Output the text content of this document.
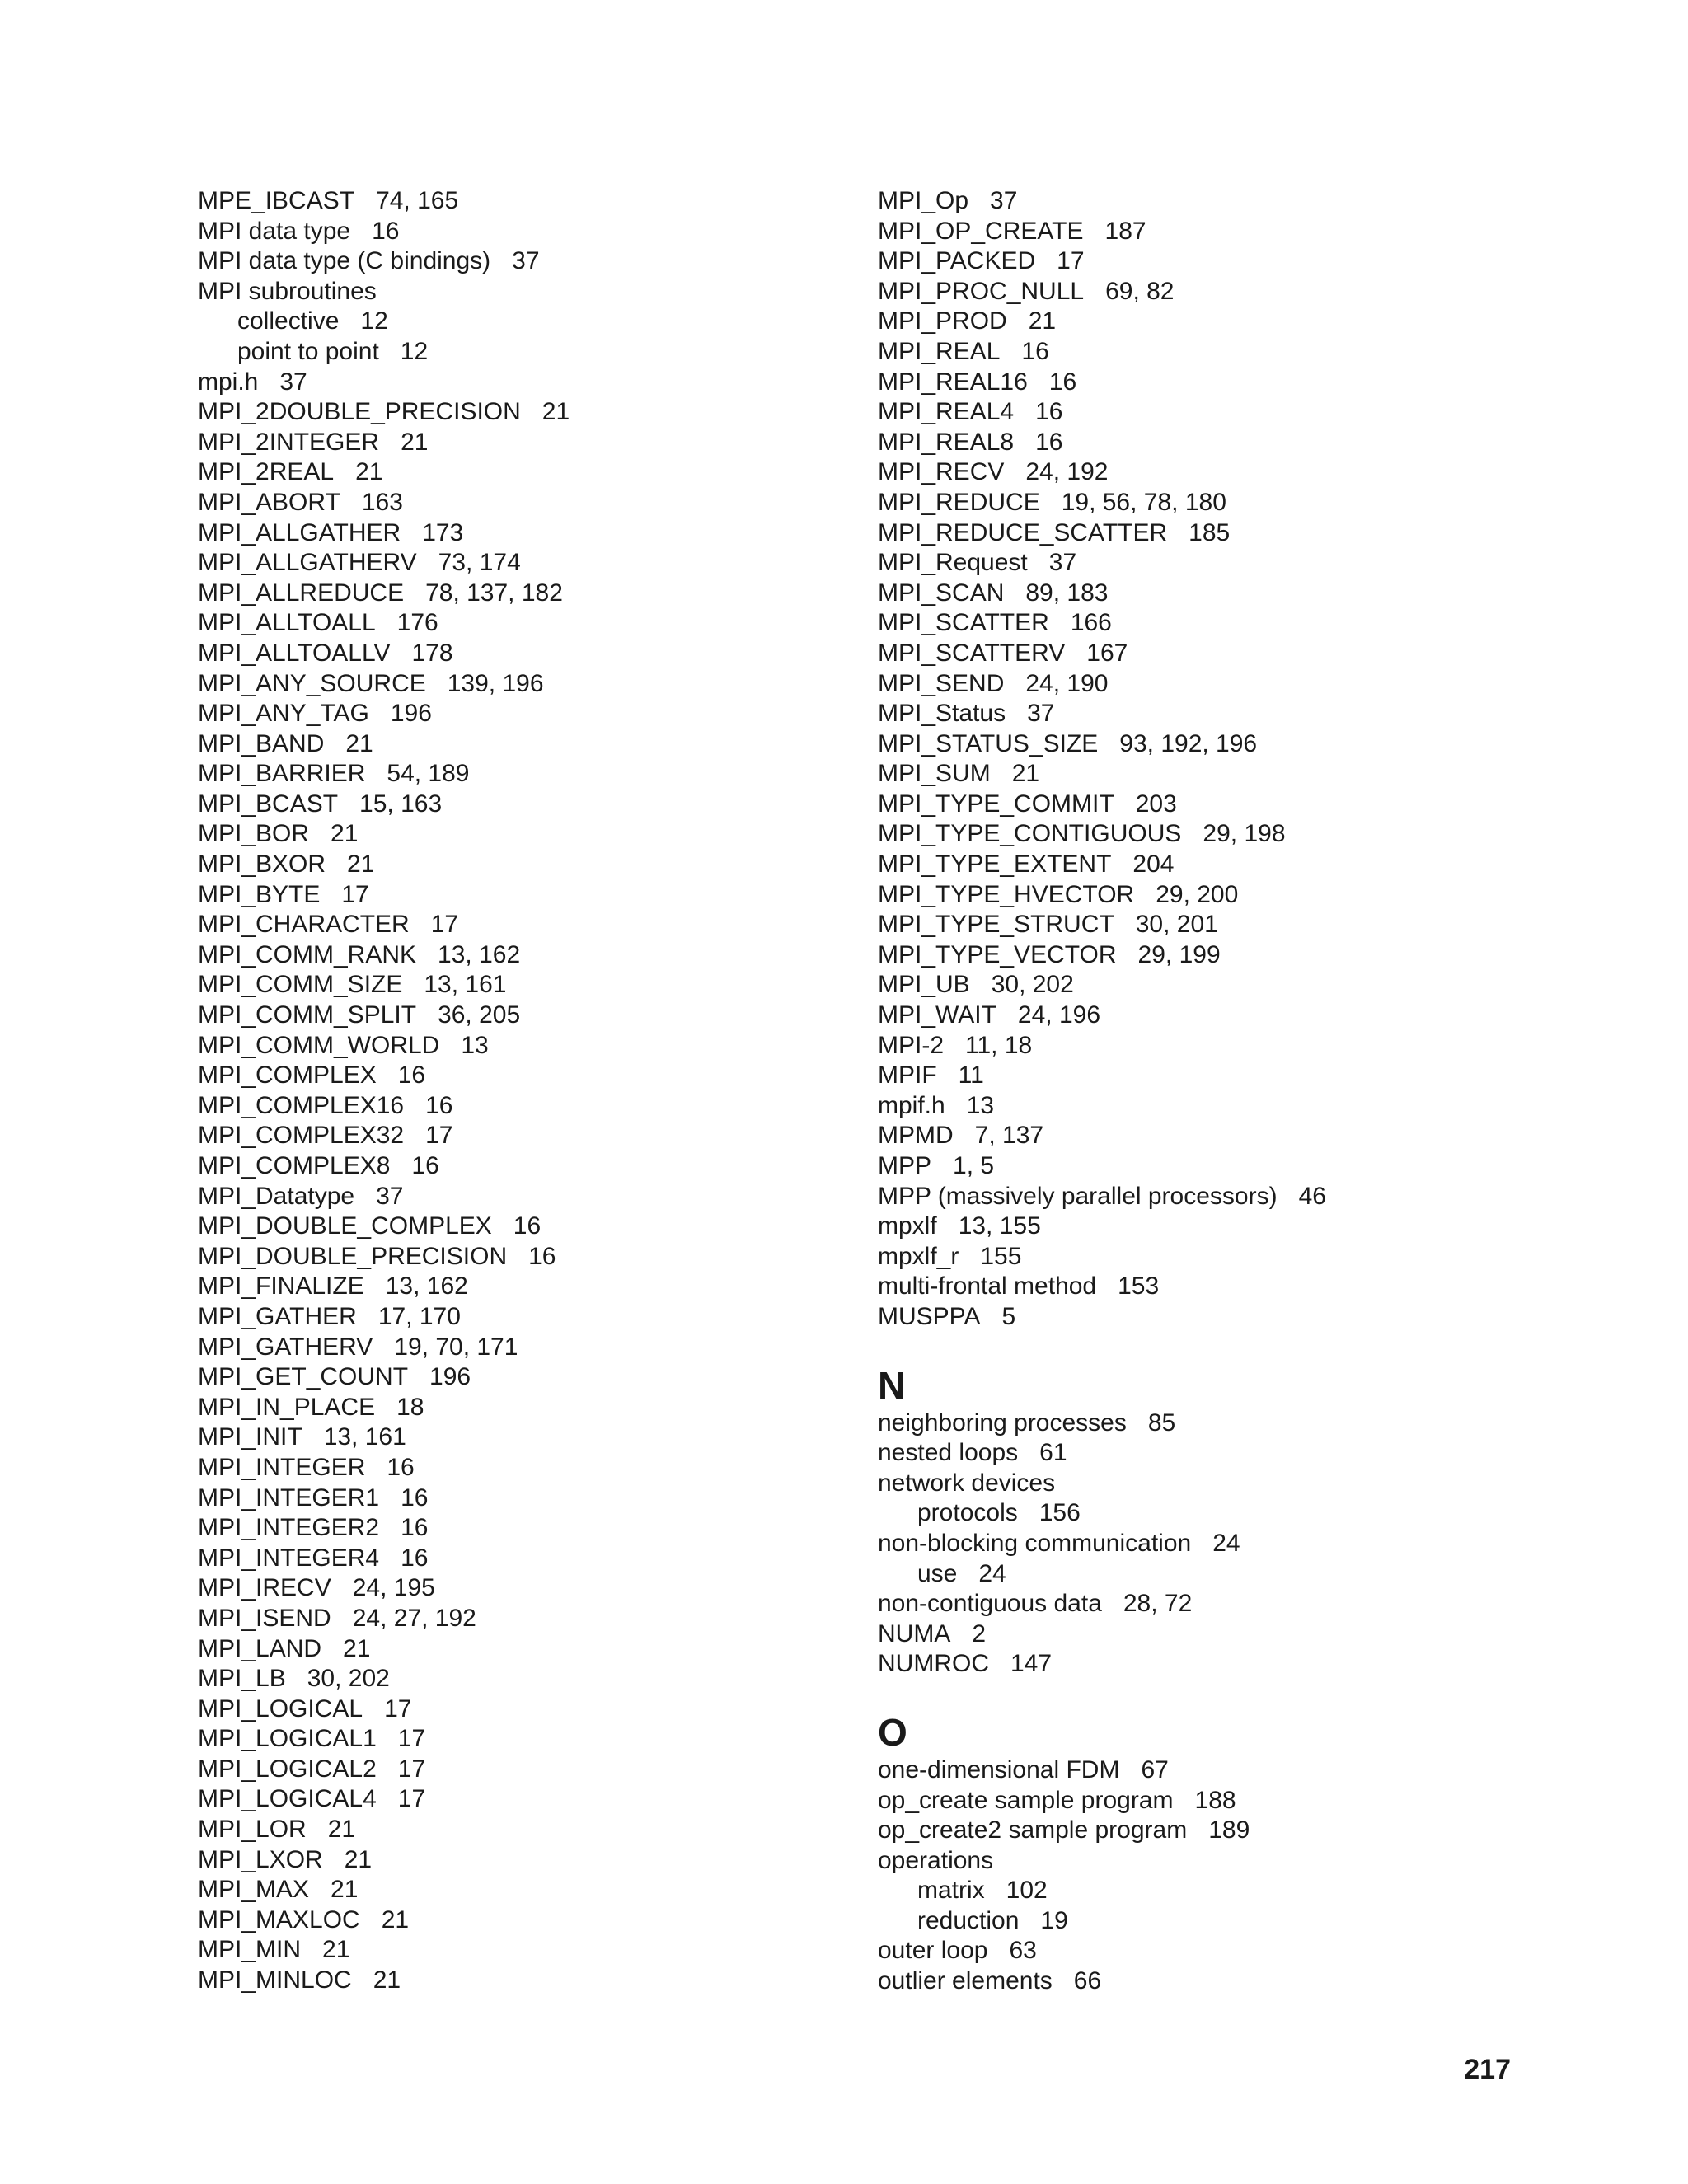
MPE_IBCAST 74, 165
MPI data type 16
MPI data type (C bindings) 37
MPI subroutines
collective 12
point to point 12
mpi.h 37
MPI_2DOUBLE_PRECISION 21
MPI_2INTEGER 21
MPI_2REAL 21
MPI_ABORT 163
MPI_ALLGATHER 173
MPI_ALLGATHERV 73, 174
MPI_ALLREDUCE 78, 137, 182
MPI_ALLTOALL 176
MPI_ALLTOALLV 178
MPI_ANY_SOURCE 139, 196
MPI_ANY_TAG 196
MPI_BAND 21
MPI_BARRIER 54, 189
MPI_BCAST 15, 163
MPI_BOR 21
MPI_BXOR 21
MPI_BYTE 17
MPI_CHARACTER 17
MPI_COMM_RANK 13, 162
MPI_COMM_SIZE 13, 161
MPI_COMM_SPLIT 36, 205
MPI_COMM_WORLD 13
MPI_COMPLEX 16
MPI_COMPLEX16 16
MPI_COMPLEX32 17
MPI_COMPLEX8 16
MPI_Datatype 37
MPI_DOUBLE_COMPLEX 16
MPI_DOUBLE_PRECISION 16
MPI_FINALIZE 13, 162
MPI_GATHER 17, 170
MPI_GATHERV 19, 70, 171
MPI_GET_COUNT 196
MPI_IN_PLACE 18
MPI_INIT 13, 161
MPI_INTEGER 16
MPI_INTEGER1 16
MPI_INTEGER2 16
MPI_INTEGER4 16
MPI_IRECV 24, 195
MPI_ISEND 24, 27, 192
MPI_LAND 21
MPI_LB 30, 202
MPI_LOGICAL 17
MPI_LOGICAL1 17
MPI_LOGICAL2 17
MPI_LOGICAL4 17
MPI_LOR 21
MPI_LXOR 21
MPI_MAX 21
MPI_MAXLOC 21
MPI_MIN 21
MPI_MINLOC 21
MPI_Op 37
MPI_OP_CREATE 187
MPI_PACKED 17
MPI_PROC_NULL 69, 82
MPI_PROD 21
MPI_REAL 16
MPI_REAL16 16
MPI_REAL4 16
MPI_REAL8 16
MPI_RECV 24, 192
MPI_REDUCE 19, 56, 78, 180
MPI_REDUCE_SCATTER 185
MPI_Request 37
MPI_SCAN 89, 183
MPI_SCATTER 166
MPI_SCATTERV 167
MPI_SEND 24, 190
MPI_Status 37
MPI_STATUS_SIZE 93, 192, 196
MPI_SUM 21
MPI_TYPE_COMMIT 203
MPI_TYPE_CONTIGUOUS 29, 198
MPI_TYPE_EXTENT 204
MPI_TYPE_HVECTOR 29, 200
MPI_TYPE_STRUCT 30, 201
MPI_TYPE_VECTOR 29, 199
MPI_UB 30, 202
MPI_WAIT 24, 196
MPI-2 11, 18
MPIF 11
mpif.h 13
MPMD 7, 137
MPP 1, 5
MPP (massively parallel processors) 46
mpxlf 13, 155
mpxlf_r 155
multi-frontal method 153
MUSPPA 5
N
neighboring processes 85
nested loops 61
network devices
protocols 156
non-blocking communication 24
use 24
non-contiguous data 28, 72
NUMA 2
NUMROC 147
O
one-dimensional FDM 67
op_create sample program 188
op_create2 sample program 189
operations
matrix 102
reduction 19
outer loop 63
outlier elements 66
217
